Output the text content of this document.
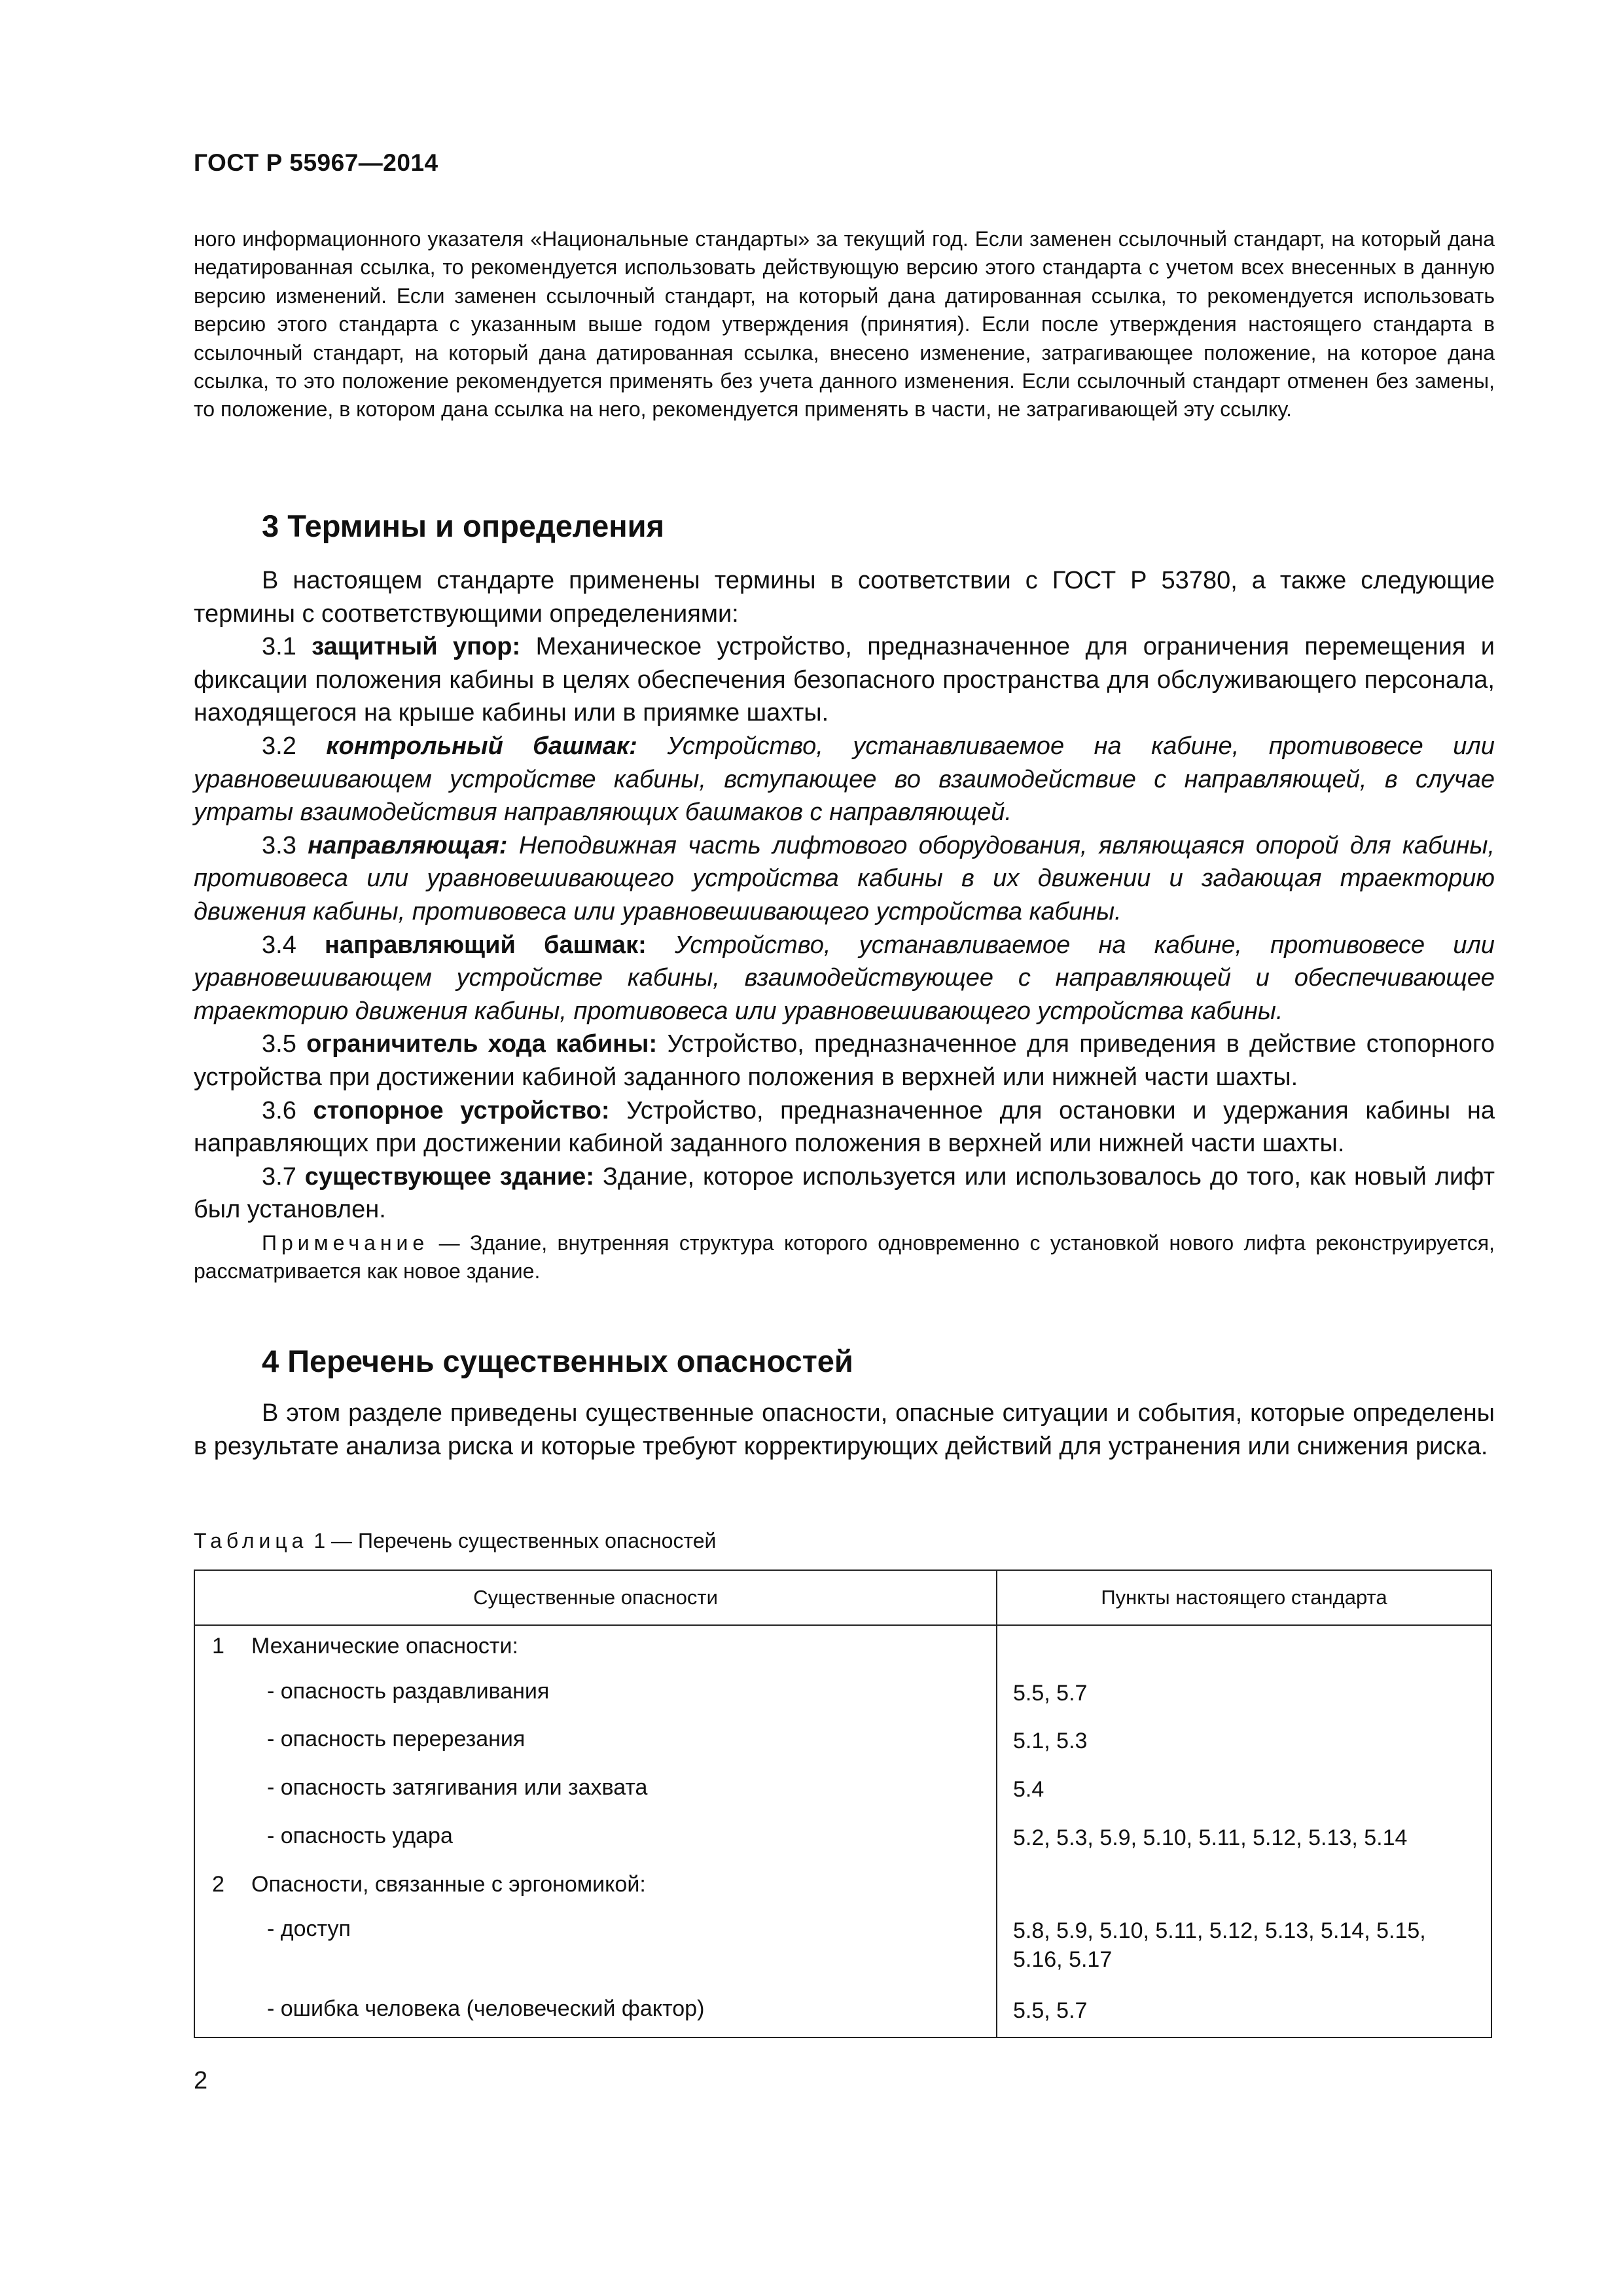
ГОСТ Р 55967—2014

ного информационного указателя «Национальные стандарты» за текущий год. Если заменен ссылочный стандарт, на который дана недатированная ссылка, то рекомендуется использовать действующую версию этого стандарта с учетом всех внесенных в данную версию изменений. Если заменен ссылочный стандарт, на который дана датированная ссылка, то рекомендуется использовать версию этого стандарта с указанным выше годом утверждения (принятия). Если после утверждения настоящего стандарта в ссылочный стандарт, на который дана датированная ссылка, внесено изменение, затрагивающее положение, на которое дана ссылка, то это положение рекомендуется применять без учета данного изменения. Если ссылочный стандарт отменен без замены, то положение, в котором дана ссылка на него, рекомендуется применять в части, не затрагивающей эту ссылку.

3 Термины и определения

В настоящем стандарте применены термины в соответствии с ГОСТ Р 53780, а также следующие термины с соответствующими определениями:

3.1 защитный упор: Механическое устройство, предназначенное для ограничения перемещения и фиксации положения кабины в целях обеспечения безопасного пространства для обслуживающего персонала, находящегося на крыше кабины или в приямке шахты.

3.2 контрольный башмак: Устройство, устанавливаемое на кабине, противовесе или уравновешивающем устройстве кабины, вступающее во взаимодействие с направляющей, в случае утраты взаимодействия направляющих башмаков с направляющей.

3.3 направляющая: Неподвижная часть лифтового оборудования, являющаяся опорой для кабины, противовеса или уравновешивающего устройства кабины в их движении и задающая траекторию движения кабины, противовеса или уравновешивающего устройства кабины.

3.4 направляющий башмак: Устройство, устанавливаемое на кабине, противовесе или уравновешивающем устройстве кабины, взаимодействующее с направляющей и обеспечивающее траекторию движения кабины, противовеса или уравновешивающего устройства кабины.

3.5 ограничитель хода кабины: Устройство, предназначенное для приведения в действие стопорного устройства при достижении кабиной заданного положения в верхней или нижней части шахты.

3.6 стопорное устройство: Устройство, предназначенное для остановки и удержания кабины на направляющих при достижении кабиной заданного положения в верхней или нижней части шахты.

3.7 существующее здание: Здание, которое используется или использовалось до того, как новый лифт был установлен.

Примечание — Здание, внутренняя структура которого одновременно с установкой нового лифта реконструируется, рассматривается как новое здание.

4 Перечень существенных опасностей

В этом разделе приведены существенные опасности, опасные ситуации и события, которые определены в результате анализа риска и которые требуют корректирующих действий для устранения или снижения риска.

Таблица 1 — Перечень существенных опасностей
Существенные опасности		Пункты настоящего стандарта
1	Механические опасности:	
	- опасность раздавливания	5.5, 5.7
	- опасность перерезания	5.1, 5.3
	- опасность затягивания или захвата	5.4
	- опасность удара	5.2, 5.3, 5.9, 5.10, 5.11, 5.12, 5.13, 5.14
2	Опасности, связанные с эргономикой:	
	- доступ	5.8, 5.9, 5.10, 5.11, 5.12, 5.13, 5.14, 5.15, 5.16, 5.17
	- ошибка человека (человеческий фактор)	5.5, 5.7
2
